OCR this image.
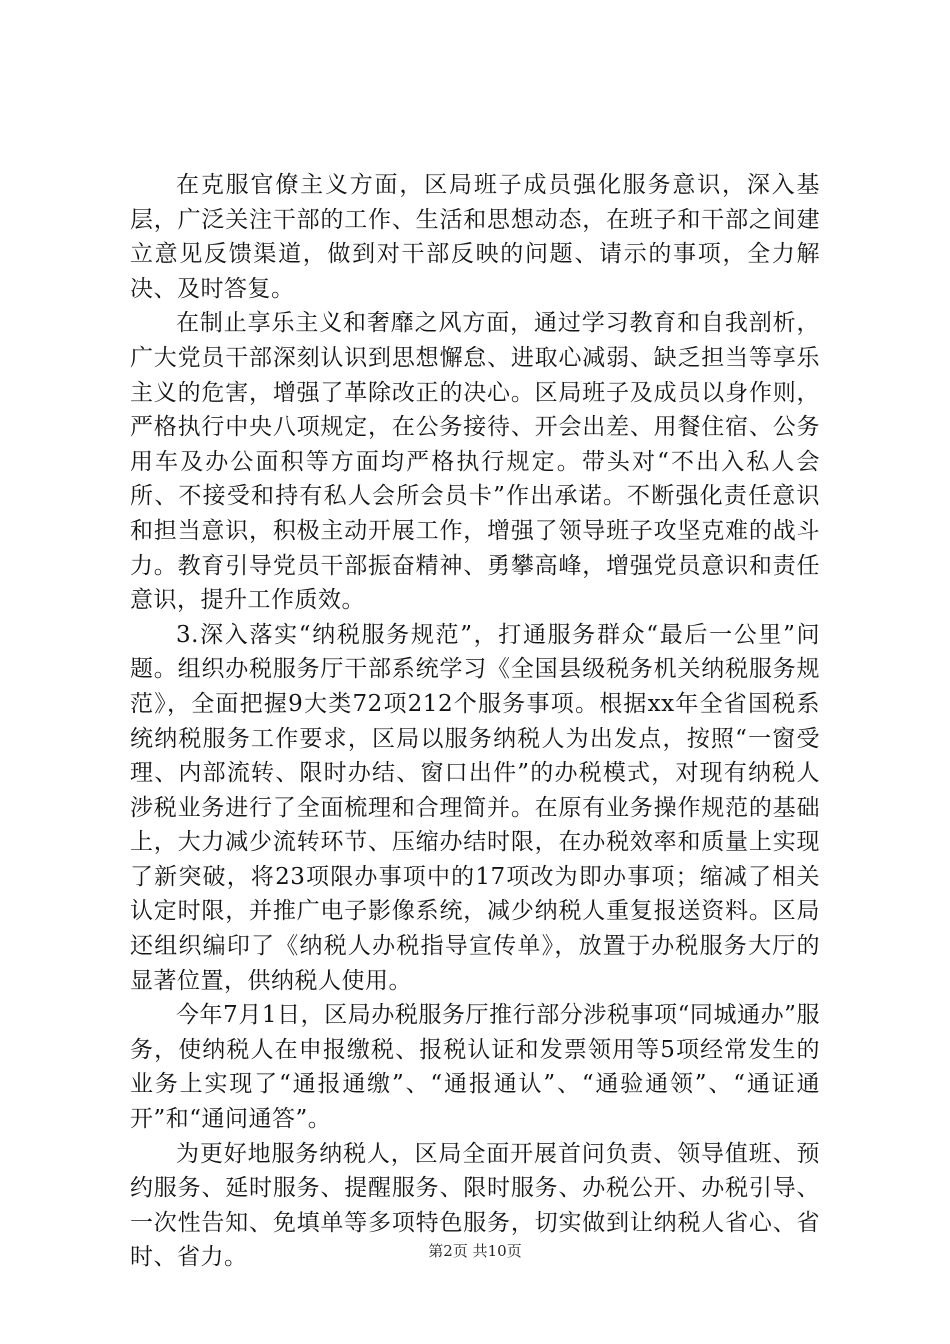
在克服官僚主义方面，区局班子成员强化服务意识，深入基层，广泛关注干部的工作、生活和思想动态，在班子和干部之间建立意见反馈渠道，做到对干部反映的问题、请示的事项，全力解决、及时答复。

在制止享乐主义和奢靡之风方面，通过学习教育和自我剖析，广大党员干部深刻认识到思想懈怠、进取心减弱、缺乏担当等享乐主义的危害，增强了革除改正的决心。区局班子及成员以身作则，严格执行中央八项规定，在公务接待、开会出差、用餐住宿、公务用车及办公面积等方面均严格执行规定。带头对“不出入私人会所、不接受和持有私人会所会员卡”作出承诺。不断强化责任意识和担当意识，积极主动开展工作，增强了领导班子攻坚克难的战斗力。教育引导党员干部振奋精神、勇攀高峰，增强党员意识和责任意识，提升工作质效。

3.深入落实“纳税服务规范”，打通服务群众“最后一公里”问题。组织办税服务厅干部系统学习《全国县级税务机关纳税服务规范》，全面把握9大类72项212个服务事项。根据xx年全省国税系统纳税服务工作要求，区局以服务纳税人为出发点，按照“一窗受理、内部流转、限时办结、窗口出件”的办税模式，对现有纳税人涉税业务进行了全面梳理和合理简并。在原有业务操作规范的基础上，大力减少流转环节、压缩办结时限，在办税效率和质量上实现了新突破，将23项限办事项中的17项改为即办事项；缩减了相关认定时限，并推广电子影像系统，减少纳税人重复报送资料。区局还组织编印了《纳税人办税指导宣传单》，放置于办税服务大厅的显著位置，供纳税人使用。

今年7月1日，区局办税服务厅推行部分涉税事项“同城通办”服务，使纳税人在申报缴税、报税认证和发票领用等5项经常发生的业务上实现了“通报通缴”、“通报通认”、“通验通领”、“通证通开”和“通问通答”。

为更好地服务纳税人，区局全面开展首问负责、领导值班、预约服务、延时服务、提醒服务、限时服务、办税公开、办税引导、一次性告知、免填单等多项特色服务，切实做到让纳税人省心、省时、省力。	第2页 共10页
